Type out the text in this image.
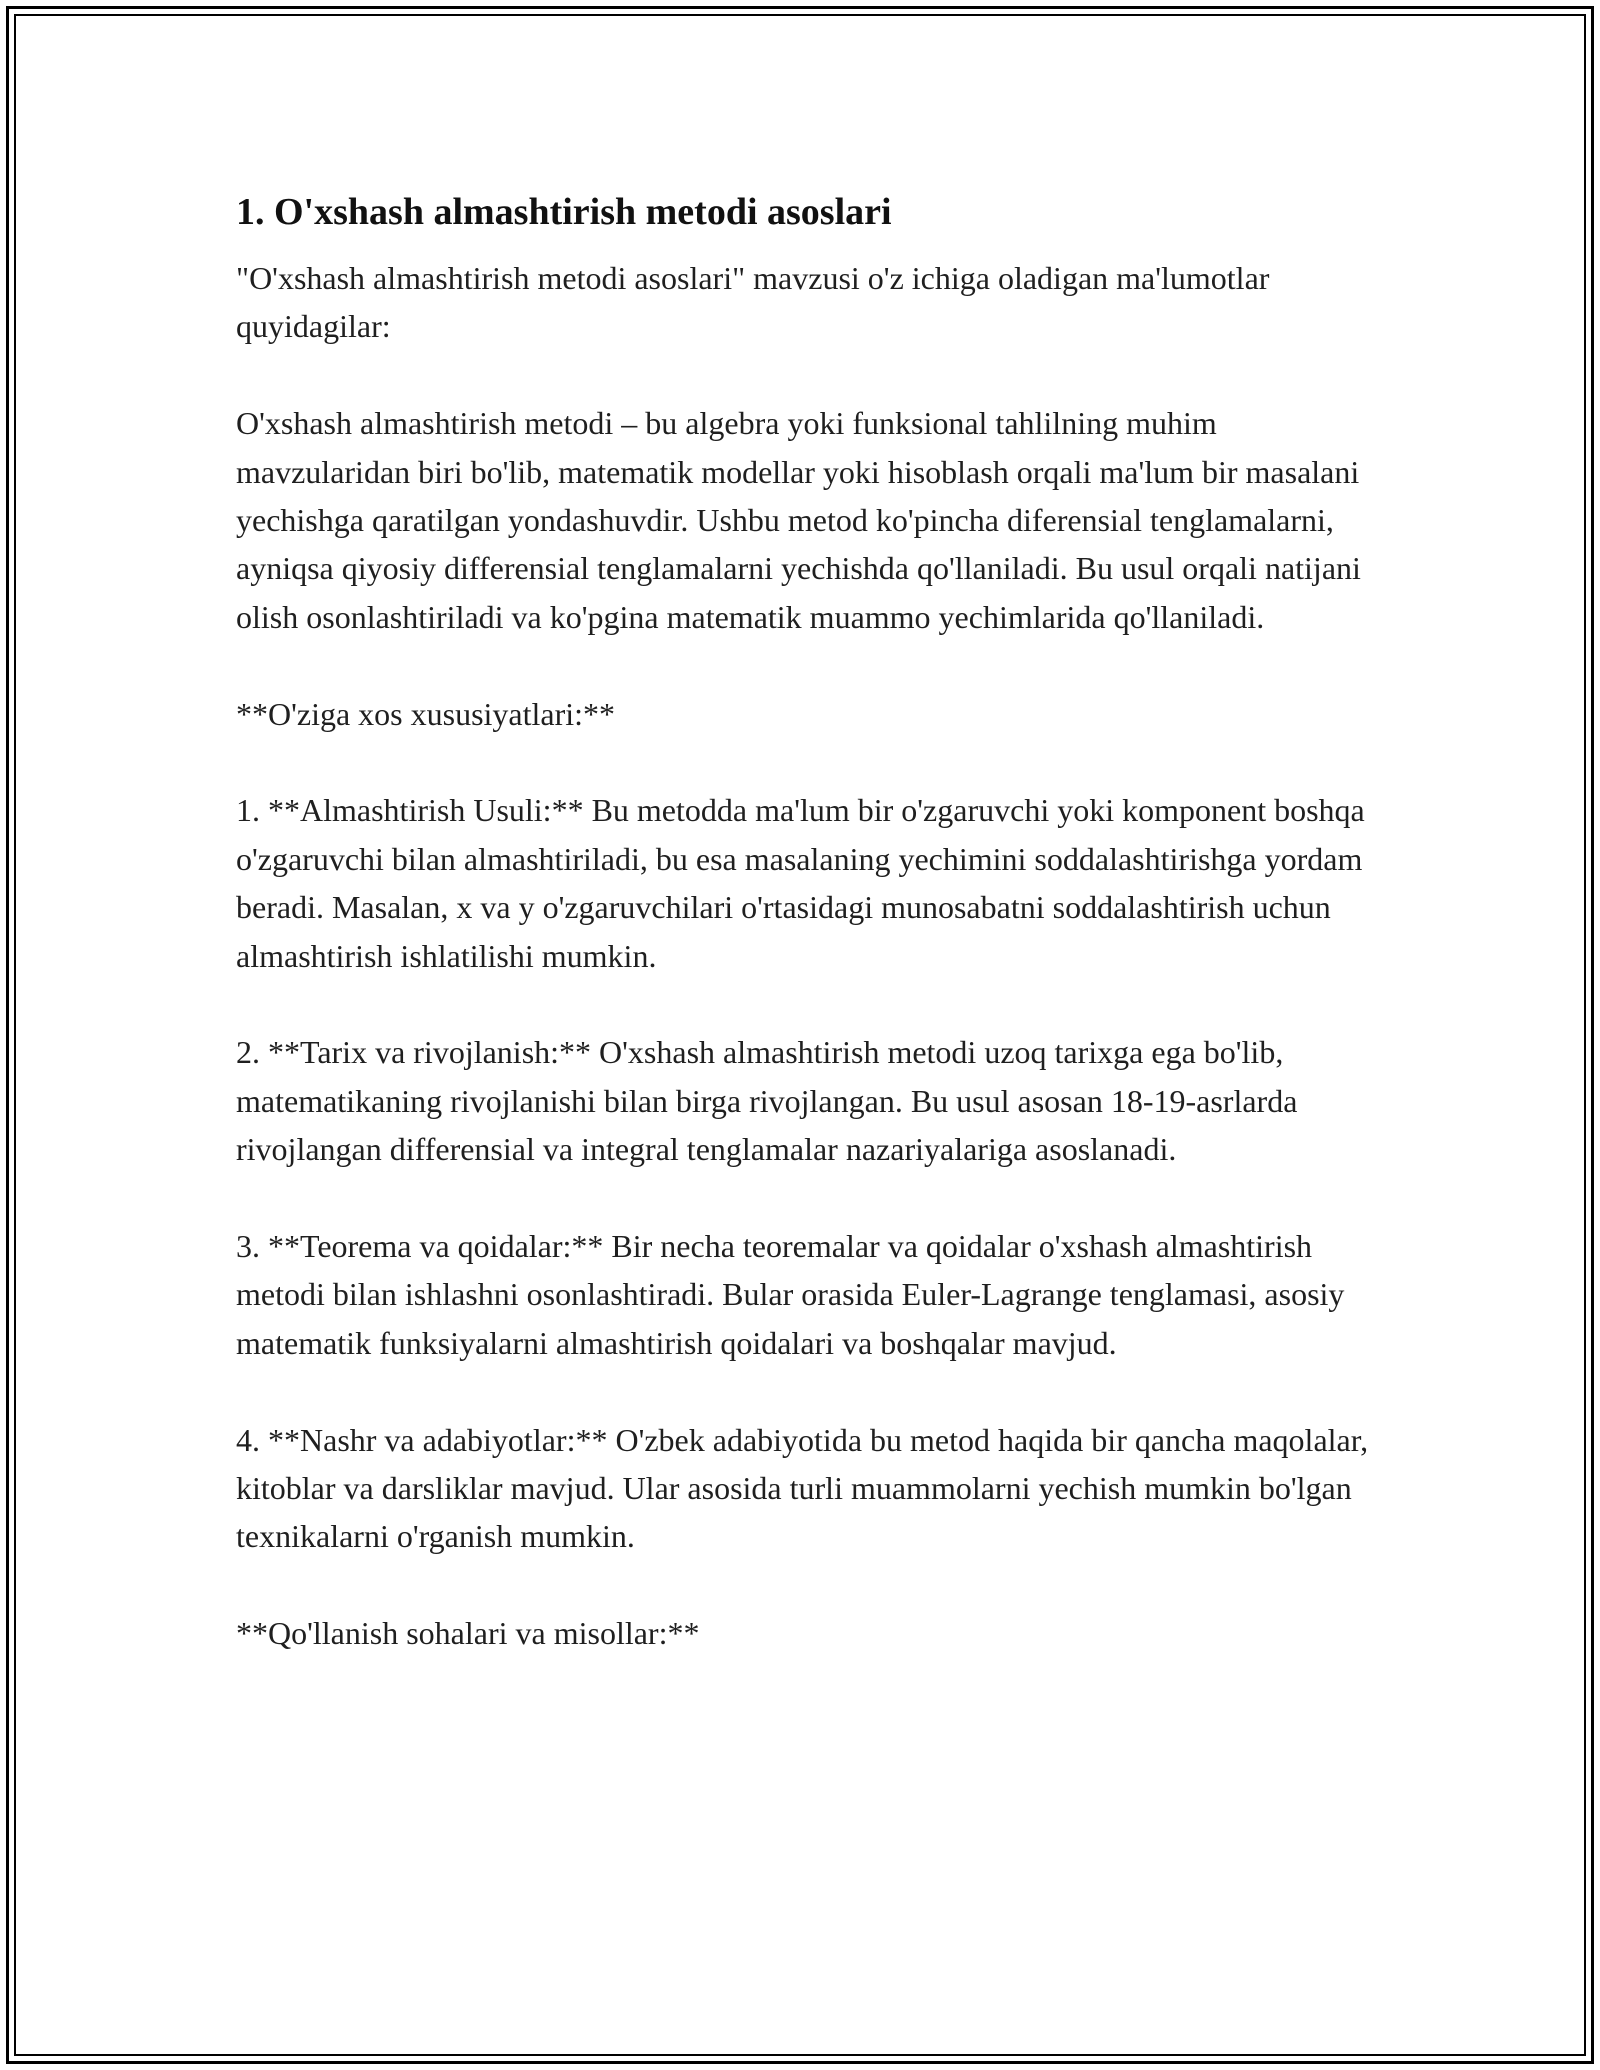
1. O'xshash almashtirish metodi asoslari

"O'xshash almashtirish metodi asoslari" mavzusi o'z ichiga oladigan ma'lumotlar quyidagilar:

O'xshash almashtirish metodi – bu algebra yoki funksional tahlilning muhim mavzularidan biri bo'lib, matematik modellar yoki hisoblash orqali ma'lum bir masalani yechishga qaratilgan yondashuvdir. Ushbu metod ko'pincha diferensial tenglamalarni, ayniqsa qiyosiy differensial tenglamalarni yechishda qo'llaniladi. Bu usul orqali natijani olish osonlashtiriladi va ko'pgina matematik muammo yechimlarida qo'llaniladi.

**O'ziga xos xususiyatlari:**

1. **Almashtirish Usuli:** Bu metodda ma'lum bir o'zgaruvchi yoki komponent boshqa o'zgaruvchi bilan almashtiriladi, bu esa masalaning yechimini soddalashtirishga yordam beradi. Masalan, x va y o'zgaruvchilari o'rtasidagi munosabatni soddalashtirish uchun almashtirish ishlatilishi mumkin.

2. **Tarix va rivojlanish:** O'xshash almashtirish metodi uzoq tarixga ega bo'lib, matematikaning rivojlanishi bilan birga rivojlangan. Bu usul asosan 18-19-asrlarda rivojlangan differensial va integral tenglamalar nazariyalariga asoslanadi.

3. **Teorema va qoidalar:** Bir necha teoremalar va qoidalar o'xshash almashtirish metodi bilan ishlashni osonlashtiradi. Bular orasida Euler-Lagrange tenglamasi, asosiy matematik funksiyalarni almashtirish qoidalari va boshqalar mavjud.

4. **Nashr va adabiyotlar:** O'zbek adabiyotida bu metod haqida bir qancha maqolalar, kitoblar va darsliklar mavjud. Ular asosida turli muammolarni yechish mumkin bo'lgan texnikalarni o'rganish mumkin.

**Qo'llanish sohalari va misollar:**
